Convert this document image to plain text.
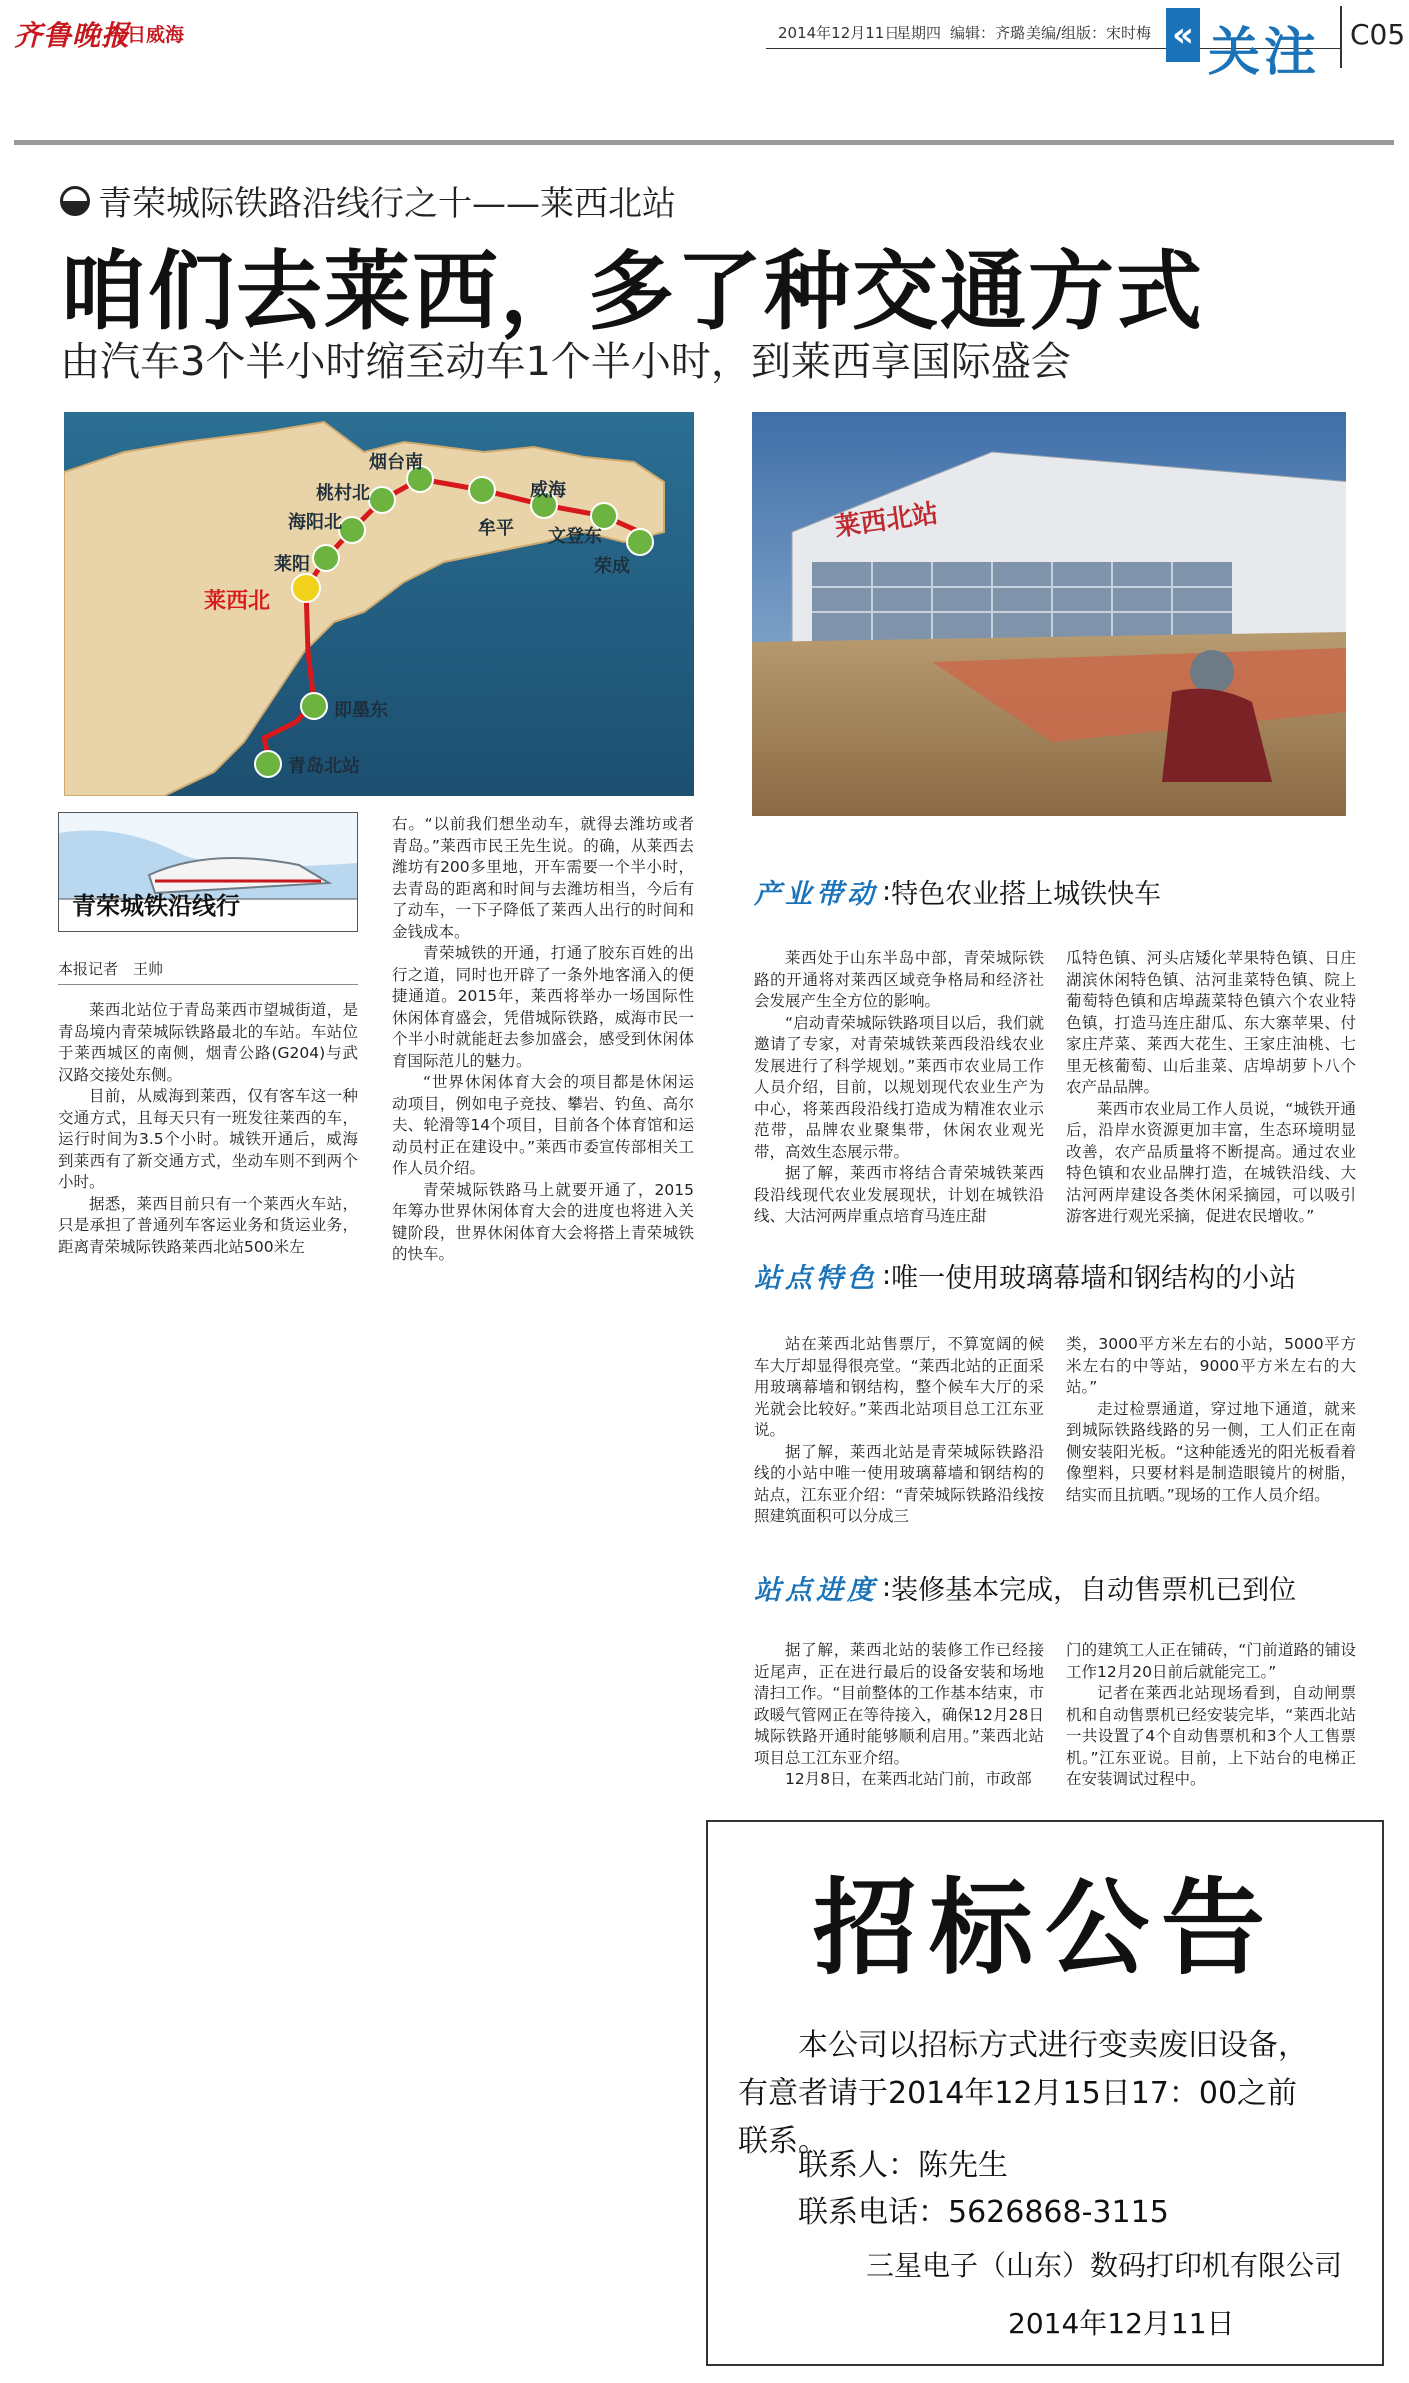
齐鲁晚报
今日威海	2014年12月11日
星期四 编辑：齐璐 美编/组版：宋时梅 « 关注 C05
青荣城际铁路沿线行之十——莱西北站
咱们去莱西，多了种交通方式
由汽车3个半小时缩至动车1个半小时，到莱西享国际盛会
烟台南
桃村北
海阳北
莱阳
莱西北
即墨东
青岛北站
牟平
威海
文登东
荣成
莱西北站
青荣城铁沿线行
本报记者　王帅

莱西北站位于青岛莱西市望城街道，是青岛境内青荣城际铁路最北的车站。车站位于莱西城区的南侧，烟青公路(G204)与武汉路交接处东侧。

目前，从威海到莱西，仅有客车这一种交通方式，且每天只有一班发往莱西的车，运行时间为3.5个小时。城铁开通后，威海到莱西有了新交通方式，坐动车则不到两个小时。

据悉，莱西目前只有一个莱西火车站，只是承担了普通列车客运业务和货运业务，距离青荣城际铁路莱西北站500米左

右。“以前我们想坐动车，就得去潍坊或者青岛。”莱西市民王先生说。的确，从莱西去潍坊有200多里地，开车需要一个半小时，去青岛的距离和时间与去潍坊相当，今后有了动车，一下子降低了莱西人出行的时间和金钱成本。

青荣城铁的开通，打通了胶东百姓的出行之道，同时也开辟了一条外地客涌入的便捷通道。2015年，莱西将举办一场国际性休闲体育盛会，凭借城际铁路，威海市民一个半小时就能赶去参加盛会，感受到休闲体育国际范儿的魅力。

“世界休闲体育大会的项目都是休闲运动项目，例如电子竞技、攀岩、钓鱼、高尔夫、轮滑等14个项目，目前各个体育馆和运动员村正在建设中。”莱西市委宣传部相关工作人员介绍。

青荣城际铁路马上就要开通了，2015年筹办世界休闲体育大会的进度也将进入关键阶段，世界休闲体育大会将搭上青荣城铁的快车。

产业带动 : 特色农业搭上城铁快车

莱西处于山东半岛中部，青荣城际铁路的开通将对莱西区域竞争格局和经济社会发展产生全方位的影响。

“启动青荣城际铁路项目以后，我们就邀请了专家，对青荣城铁莱西段沿线农业发展进行了科学规划。”莱西市农业局工作人员介绍，目前，以规划现代农业生产为中心，将莱西段沿线打造成为精准农业示范带，品牌农业聚集带，休闲农业观光带，高效生态展示带。

据了解，莱西市将结合青荣城铁莱西段沿线现代农业发展现状，计划在城铁沿线、大沽河两岸重点培育马连庄甜

瓜特色镇、河头店矮化苹果特色镇、日庄湖滨休闲特色镇、沽河韭菜特色镇、院上葡萄特色镇和店埠蔬菜特色镇六个农业特色镇，打造马连庄甜瓜、东大寨苹果、付家庄芹菜、莱西大花生、王家庄油桃、七里无核葡萄、山后韭菜、店埠胡萝卜八个农产品品牌。

莱西市农业局工作人员说，“城铁开通后，沿岸水资源更加丰富，生态环境明显改善，农产品质量将不断提高。通过农业特色镇和农业品牌打造，在城铁沿线、大沽河两岸建设各类休闲采摘园，可以吸引游客进行观光采摘，促进农民增收。”

站点特色 : 唯一使用玻璃幕墙和钢结构的小站

站在莱西北站售票厅，不算宽阔的候车大厅却显得很亮堂。“莱西北站的正面采用玻璃幕墙和钢结构，整个候车大厅的采光就会比较好。”莱西北站项目总工江东亚说。

据了解，莱西北站是青荣城际铁路沿线的小站中唯一使用玻璃幕墙和钢结构的站点，江东亚介绍：“青荣城际铁路沿线按照建筑面积可以分成三

类，3000平方米左右的小站，5000平方米左右的中等站，9000平方米左右的大站。”

走过检票通道，穿过地下通道，就来到城际铁路线路的另一侧，工人们正在南侧安装阳光板。“这种能透光的阳光板看着像塑料，只要材料是制造眼镜片的树脂，结实而且抗晒。”现场的工作人员介绍。

站点进度 : 装修基本完成，自动售票机已到位

据了解，莱西北站的装修工作已经接近尾声，正在进行最后的设备安装和场地清扫工作。“目前整体的工作基本结束，市政暖气管网正在等待接入，确保12月28日城际铁路开通时能够顺利启用。”莱西北站项目总工江东亚介绍。

12月8日，在莱西北站门前，市政部

门的建筑工人正在铺砖，“门前道路的铺设工作12月20日前后就能完工。”

记者在莱西北站现场看到，自动闸票机和自动售票机已经安装完毕，“莱西北站一共设置了4个自动售票机和3个人工售票机。”江东亚说。目前，上下站台的电梯正在安装调试过程中。

招标公告
本公司以招标方式进行变卖废旧设备，
有意者请于2014年12月15日17：00之前
联系。
联系人：陈先生
联系电话：5626868-3115
三星电子（山东）数码打印机有限公司
2014年12月11日
